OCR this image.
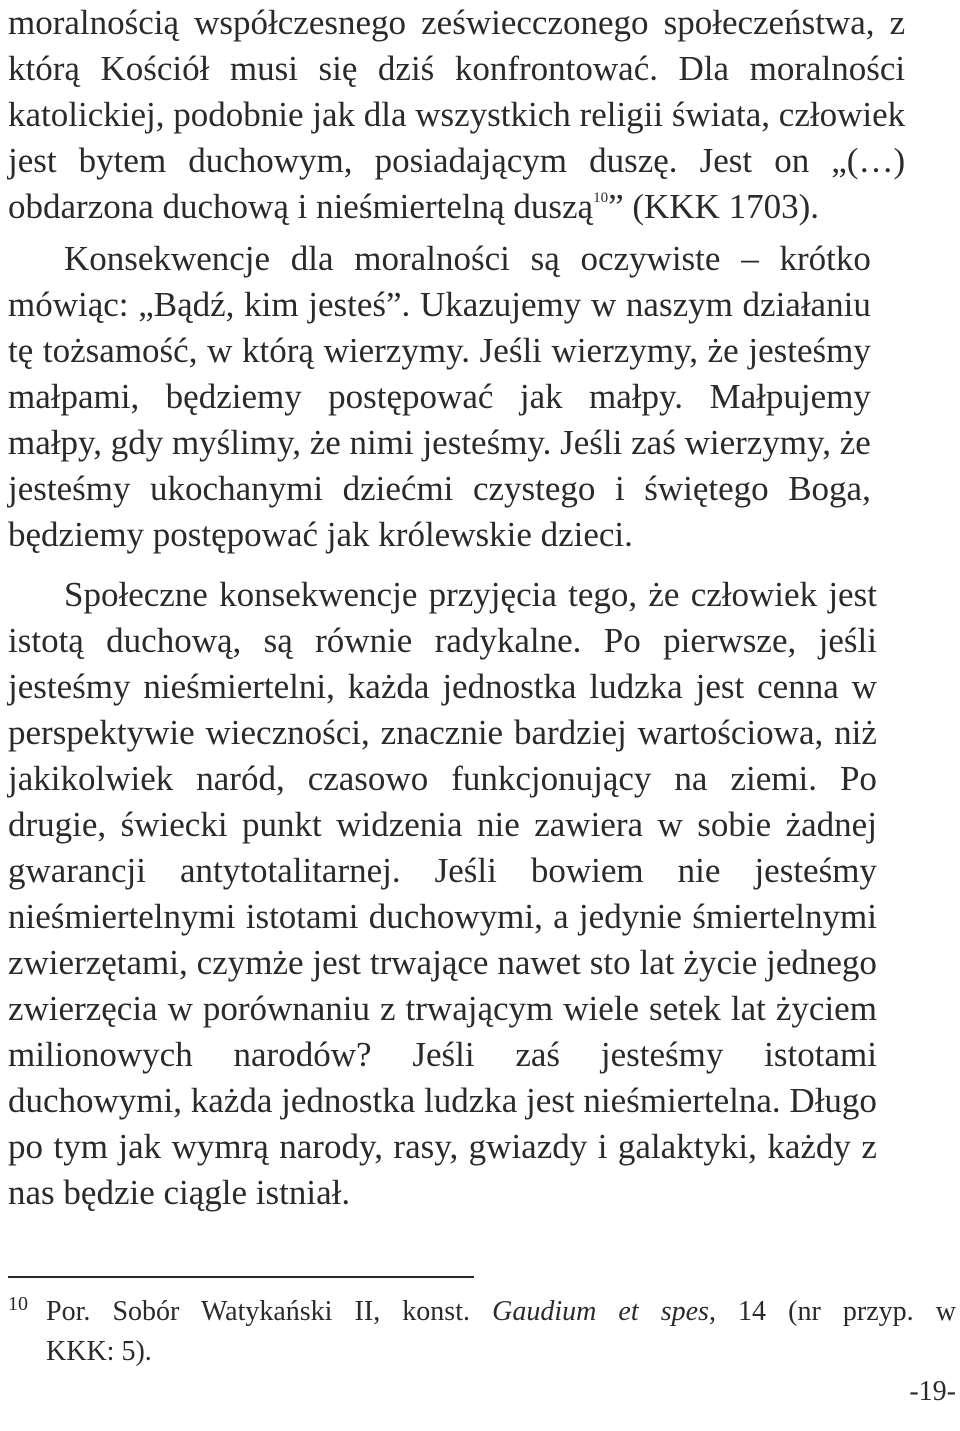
moralnością współczesnego zeświecczonego społeczeństwa, z
którą Kościół musi się dziś konfrontować. Dla moralności
katolickiej, podobnie jak dla wszystkich religii świata, człowiek
jest bytem duchowym, posiadającym duszę. Jest on „(…)
obdarzona duchową i nieśmiertelną duszą$^{10}$” (KKK 1703).
Konsekwencje dla moralności są oczywiste – krótko
mówiąc: „Bądź, kim jesteś”. Ukazujemy w naszym działaniu
tę tożsamość, w którą wierzymy. Jeśli wierzymy, że jesteśmy
małpami, będziemy postępować jak małpy. Małpujemy
małpy, gdy myślimy, że nimi jesteśmy. Jeśli zaś wierzymy, że
jesteśmy ukochanymi dziećmi czystego i świętego Boga,
będziemy postępować jak królewskie dzieci.
Społeczne konsekwencje przyjęcia tego, że człowiek jest
istotą duchową, są równie radykalne. Po pierwsze, jeśli
jesteśmy nieśmiertelni, każda jednostka ludzka jest cenna w
perspektywie wieczności, znacznie bardziej wartościowa, niż
jakikolwiek naród, czasowo funkcjonujący na ziemi. Po
drugie, świecki punkt widzenia nie zawiera w sobie żadnej
gwarancji antytotalitarnej. Jeśli bowiem nie jesteśmy
nieśmiertelnymi istotami duchowymi, a jedynie śmiertelnymi
zwierzętami, czymże jest trwające nawet sto lat życie jednego
zwierzęcia w porównaniu z trwającym wiele setek lat życiem
milionowych narodów? Jeśli zaś jesteśmy istotami
duchowymi, każda jednostka ludzka jest nieśmiertelna. Długo
po tym jak wymrą narody, rasy, gwiazdy i galaktyki, każdy z
nas będzie ciągle istniał.
10 Por. Sobór Watykański II, konst. Gaudium et spes, 14 (nr przyp. w
KKK: 5).
-19-
